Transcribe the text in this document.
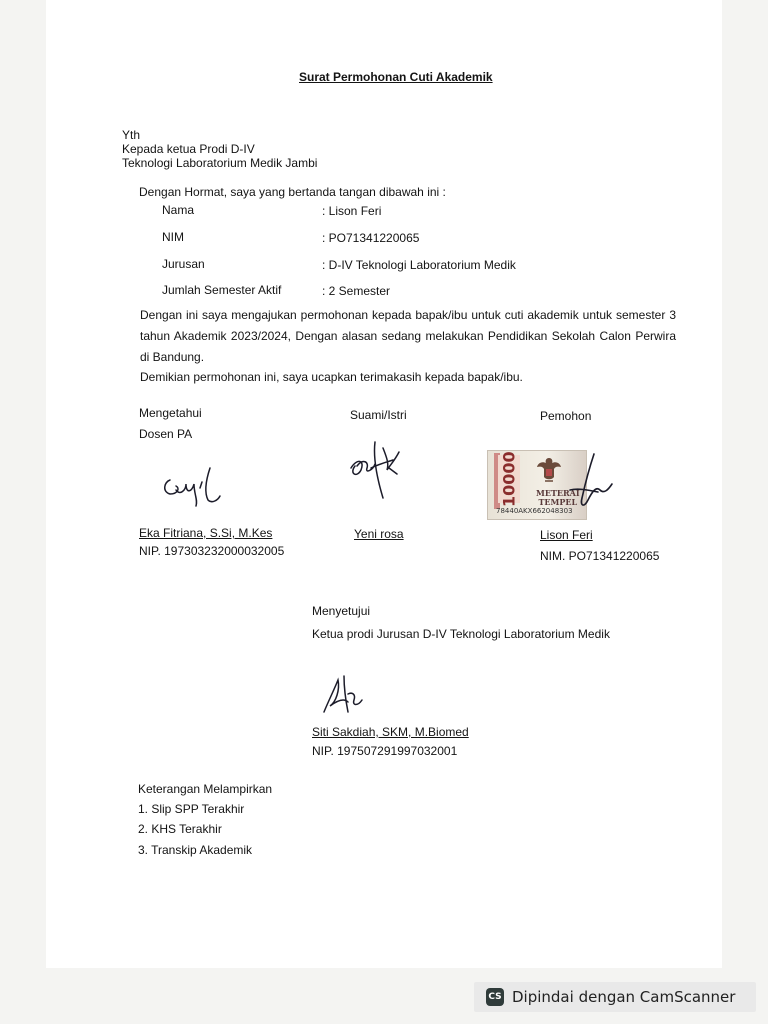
Surat Permohonan Cuti Akademik
Yth
Kepada ketua Prodi D-IV
Teknologi Laboratorium Medik Jambi
Dengan Hormat, saya yang bertanda tangan dibawah ini :
Nama	: Lison Feri
NIM	: PO71341220065
Jurusan	: D-IV Teknologi Laboratorium Medik
Jumlah Semester Aktif	: 2 Semester
Dengan ini saya mengajukan permohonan kepada bapak/ibu untuk cuti akademik untuk semester 3 tahun Akademik 2023/2024, Dengan alasan sedang melakukan Pendidikan Sekolah Calon Perwira di Bandung.
Demikian permohonan ini, saya ucapkan terimakasih kepada bapak/ibu.
Mengetahui
Dosen PA
Suami/Istri	Pemohon
10000 METERAI
TEMPEL
78440AKX662048303
Eka Fitriana, S.Si, M.Kes
NIP. 197303232000032005
Yeni rosa	Lison Feri
NIM. PO71341220065
Menyetujui
Ketua prodi Jurusan D-IV Teknologi Laboratorium Medik
Siti Sakdiah, SKM, M.Biomed
NIP. 197507291997032001
Keterangan Melampirkan
1. Slip SPP Terakhir
2. KHS Terakhir
3. Transkip Akademik
CS Dipindai dengan CamScanner
